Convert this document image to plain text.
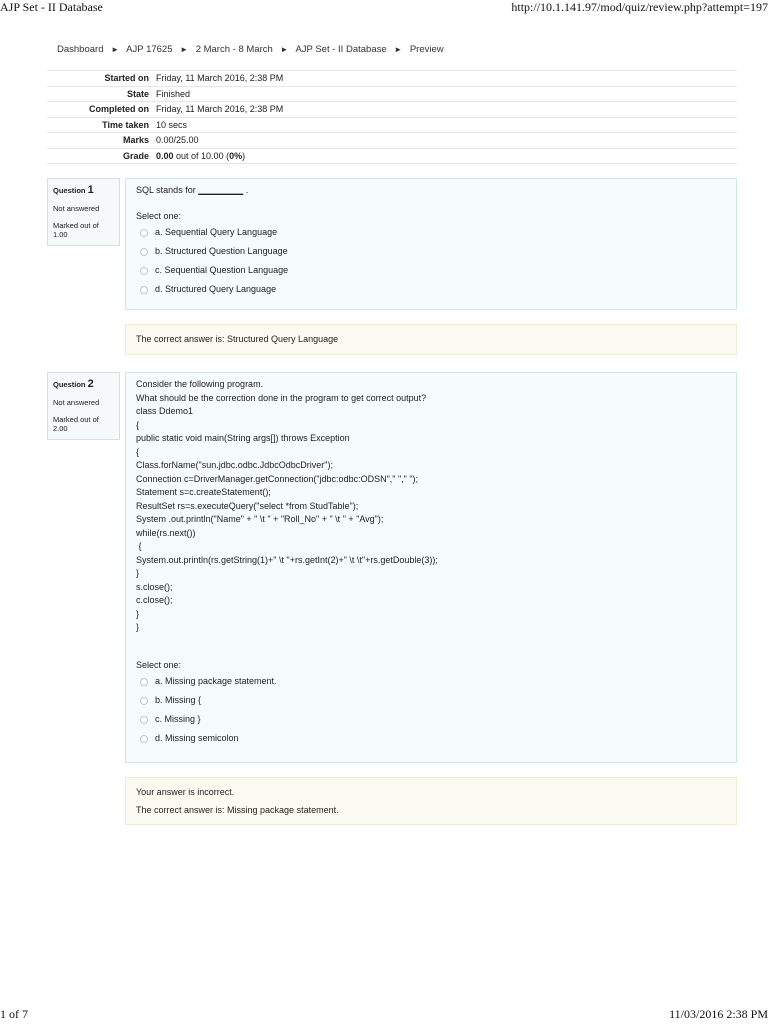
AJP Set - II Database	http://10.1.141.97/mod/quiz/review.php?attempt=197
Dashboard ► AJP 17625 ► 2 March - 8 March ► AJP Set - II Database ► Preview
Started on	Friday, 11 March 2016, 2:38 PM
State	Finished
Completed on	Friday, 11 March 2016, 2:38 PM
Time taken	10 secs
Marks	0.00/25.00
Grade	0.00 out of 10.00 (0%)
Question 1
Not answered
Marked out of 1.00
SQL stands for _________ .
Select one:
a. Sequential Query Language
b. Structured Question Language
c. Sequential Question Language
d. Structured Query Language
The correct answer is: Structured Query Language
Question 2
Not answered
Marked out of 2.00
Consider the following program.
What should be the correction done in the program to get correct output?
class Ddemo1
{
public static void main(String args[]) throws Exception
{
Class.forName("sun.jdbc.odbc.JdbcOdbcDriver");
Connection c=DriverManager.getConnection("jdbc:odbc:ODSN"," "," ");
Statement s=c.createStatement();
ResultSet rs=s.executeQuery("select *from StudTable");
System .out.println("Name" + " \t " + "Roll_No" + " \t " + "Avg");
while(rs.next())
{
System.out.println(rs.getString(1)+" \t "+rs.getInt(2)+" \t \t"+rs.getDouble(3));
}
s.close();
c.close();
}
}
Select one:
a. Missing package statement.
b. Missing {
c. Missing }
d. Missing semicolon
Your answer is incorrect.
The correct answer is: Missing package statement.
1 of 7	11/03/2016 2:38 PM
